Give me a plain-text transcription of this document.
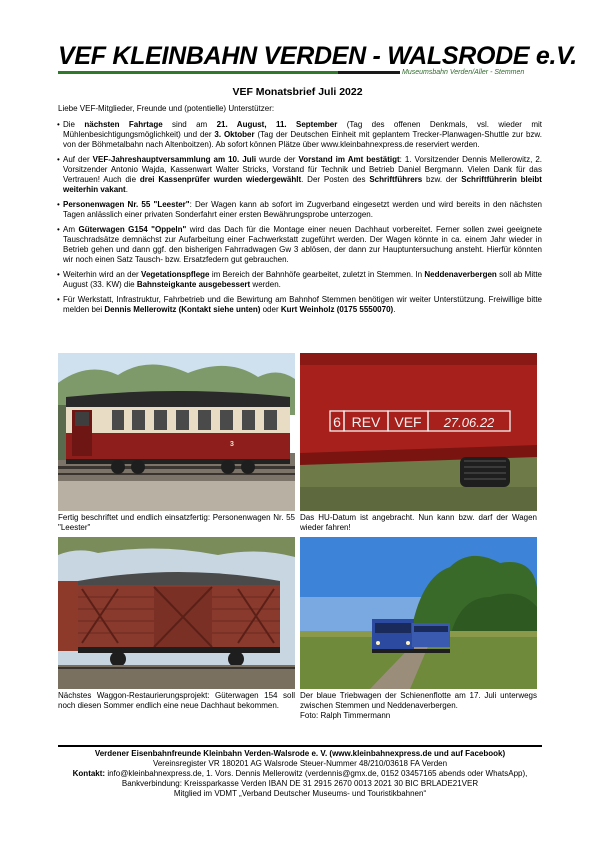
VEF KLEINBAHN VERDEN - WALSRODE e.V.
Museumsbahn Verden/Aller - Stemmen
VEF Monatsbrief Juli 2022

Liebe VEF-Mitglieder, Freunde und (potentielle) Unterstützer:

• Die nächsten Fahrtage sind am 21. August, 11. September (Tag des offenen Denkmals, vsl. wieder mit Mühlenbesichtigungsmöglichkeit) und der 3. Oktober (Tag der Deutschen Einheit mit geplantem Trecker-Planwagen-Shuttle zur bzw. von der Böhmetalbahn nach Altenboitzen). Ab sofort können Plätze über www.kleinbahnexpress.de reserviert werden.
• Auf der VEF-Jahreshauptversammlung am 10. Juli wurde der Vorstand im Amt bestätigt: 1. Vorsitzender Dennis Mellerowitz, 2. Vorsitzender Antonio Wajda, Kassenwart Walter Stricks, Vorstand für Technik und Betrieb Daniel Bergmann. Vielen Dank für das Vertrauen! Auch die drei Kassenprüfer wurden wiedergewählt. Der Posten des Schriftführers bzw. der Schriftführerin bleibt weiterhin vakant.
• Personenwagen Nr. 55 "Leester": Der Wagen kann ab sofort im Zugverband eingesetzt werden und wird bereits in den nächsten Tagen anlässlich einer privaten Sonderfahrt einer ersten Bewährungsprobe unterzogen.
• Am Güterwagen G154 "Oppeln" wird das Dach für die Montage einer neuen Dachhaut vorbereitet. Ferner sollen zwei geeignete Tauschradsätze demnächst zur Aufarbeitung einer Fachwerkstatt zugeführt werden. Der Wagen könnte in ca. einem Jahr wieder in Betrieb gehen und dann ggf. den bisherigen Fahrradwagen Gw 3 ablösen, der dann zur Hauptuntersuchung ansteht. Hierfür könnten wir noch einen Satz Tausch- bzw. Ersatzfedern gut gebrauchen.
• Weiterhin wird an der Vegetationspflege im Bereich der Bahnhöfe gearbeitet, zuletzt in Stemmen. In Neddenaverbergen soll ab Mitte August (33. KW) die Bahnsteigkante ausgebessert werden.
• Für Werkstatt, Infrastruktur, Fahrbetrieb und die Bewirtung am Bahnhof Stemmen benötigen wir weiter Unterstützung. Freiwillige bitte melden bei Dennis Mellerowitz (Kontakt siehe unten) oder Kurt Weinholz (0175 5550070).
3
Fertig beschriftet und endlich einsatzfertig: Personenwagen Nr. 55 "Leester"
6 REV VEF 27.06.22
Das HU-Datum ist angebracht. Nun kann bzw. darf der Wagen wieder fahren!
Nächstes Waggon-Restaurierungsprojekt: Güterwagen 154 soll noch diesen Sommer endlich eine neue Dachhaut bekommen.
Der blaue Triebwagen der Schienenflotte am 17. Juli unterwegs zwischen Stemmen und Neddenaverbergen.
Foto: Ralph Timmermann
Verdener Eisenbahnfreunde Kleinbahn Verden-Walsrode e. V. (www.kleinbahnexpress.de und auf Facebook)
Vereinsregister VR 180201 AG Walsrode Steuer-Nummer 48/210/03618 FA Verden
Kontakt: info@kleinbahnexpress.de, 1. Vors. Dennis Mellerowitz (verdennis@gmx.de, 0152 03457165 abends oder WhatsApp), Bankverbindung: Kreissparkasse Verden IBAN DE 31 2915 2670 0013 2021 30 BIC BRLADE21VER
Mitglied im VDMT „Verband Deutscher Museums- und Touristikbahnen“
